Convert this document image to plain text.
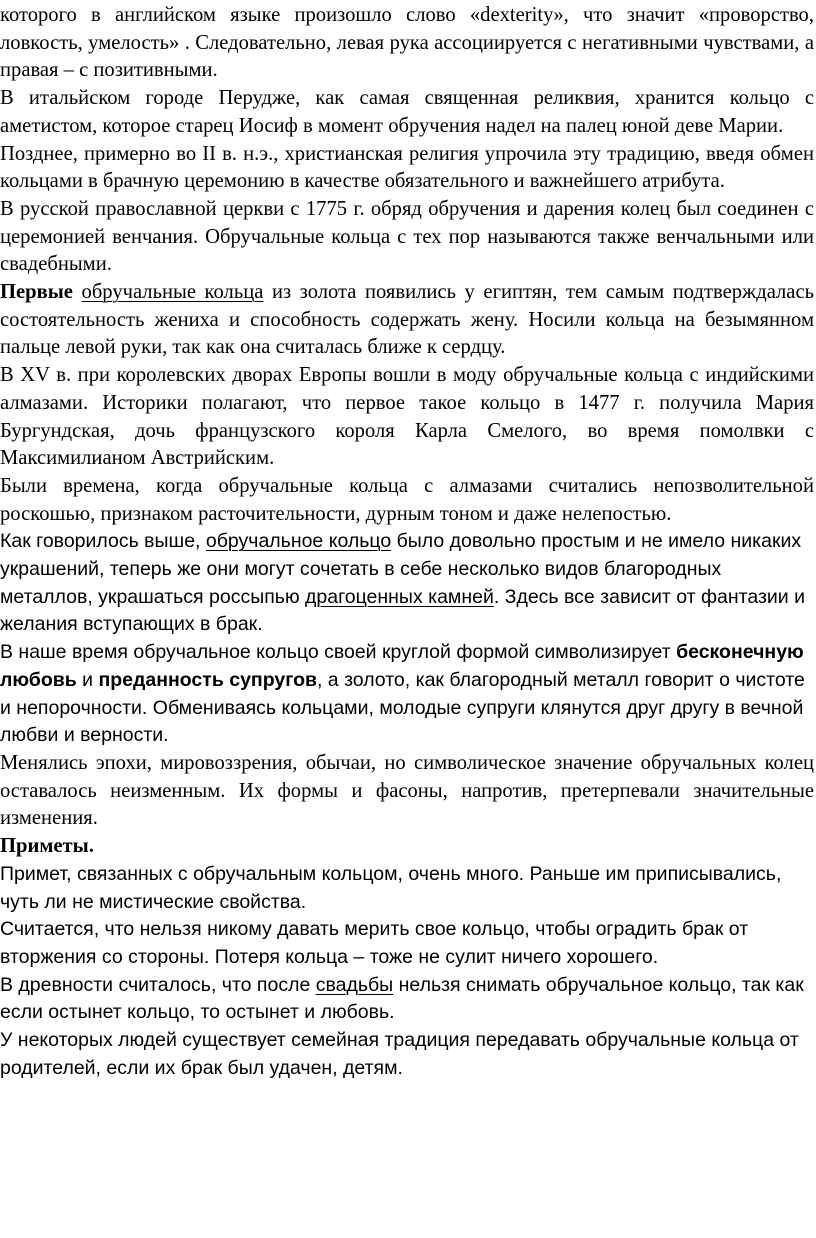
которого в английском языке произошло слово «dexterity», что значит «проворство, ловкость, умелость» . Следовательно, левая рука ассоциируется с негативными чувствами, а правая – с позитивными.

В итальйском городе Перудже, как самая священная реликвия, хранится кольцо с аметистом, которое старец Иосиф в момент обручения надел на палец юной деве Марии.

Позднее, примерно во II в. н.э., христианская религия упрочила эту традицию, введя обмен кольцами в брачную церемонию в качестве обязательного и важнейшего атрибута.

В русской православной церкви с 1775 г. обряд обручения и дарения колец был соединен с церемонией венчания. Обручальные кольца с тех пор называются также венчальными или свадебными.

Первые обручальные кольца из золота появились у египтян, тем самым подтверждалась состоятельность жениха и способность содержать жену. Носили кольца на безымянном пальце левой руки, так как она считалась ближе к сердцу.

В XV в. при королевских дворах Европы вошли в моду обручальные кольца с индийскими алмазами. Историки полагают, что первое такое кольцо в 1477 г. получила Мария Бургундская, дочь французского короля Карла Смелого, во время помолвки с Максимилианом Австрийским.

Были времена, когда обручальные кольца с алмазами считались непозволительной роскошью, признаком расточительности, дурным тоном и даже нелепостью.

Как говорилось выше, обручальное кольцо было довольно простым и не имело никаких украшений, теперь же они могут сочетать в себе несколько видов благородных металлов, украшаться россыпью драгоценных камней. Здесь все зависит от фантазии и желания вступающих в брак.

В наше время обручальное кольцо своей круглой формой символизирует бесконечную любовь и преданность супругов, а золото, как благородный металл говорит о чистоте и непорочности. Обмениваясь кольцами, молодые супруги клянутся друг другу в вечной любви и верности.

Менялись эпохи, мировоззрения, обычаи, но символическое значение обручальных колец оставалось неизменным. Их формы и фасоны, напротив, претерпевали значительные изменения.

Приметы.

Примет, связанных с обручальным кольцом, очень много. Раньше им приписывались, чуть ли не мистические свойства.

Считается, что нельзя никому давать мерить свое кольцо, чтобы оградить брак от вторжения со стороны. Потеря кольца – тоже не сулит ничего хорошего.

В древности считалось, что после свадьбы нельзя снимать обручальное кольцо, так как если остынет кольцо, то остынет и любовь.

У некоторых людей существует семейная традиция передавать обручальные кольца от родителей, если их брак был удачен, детям.
